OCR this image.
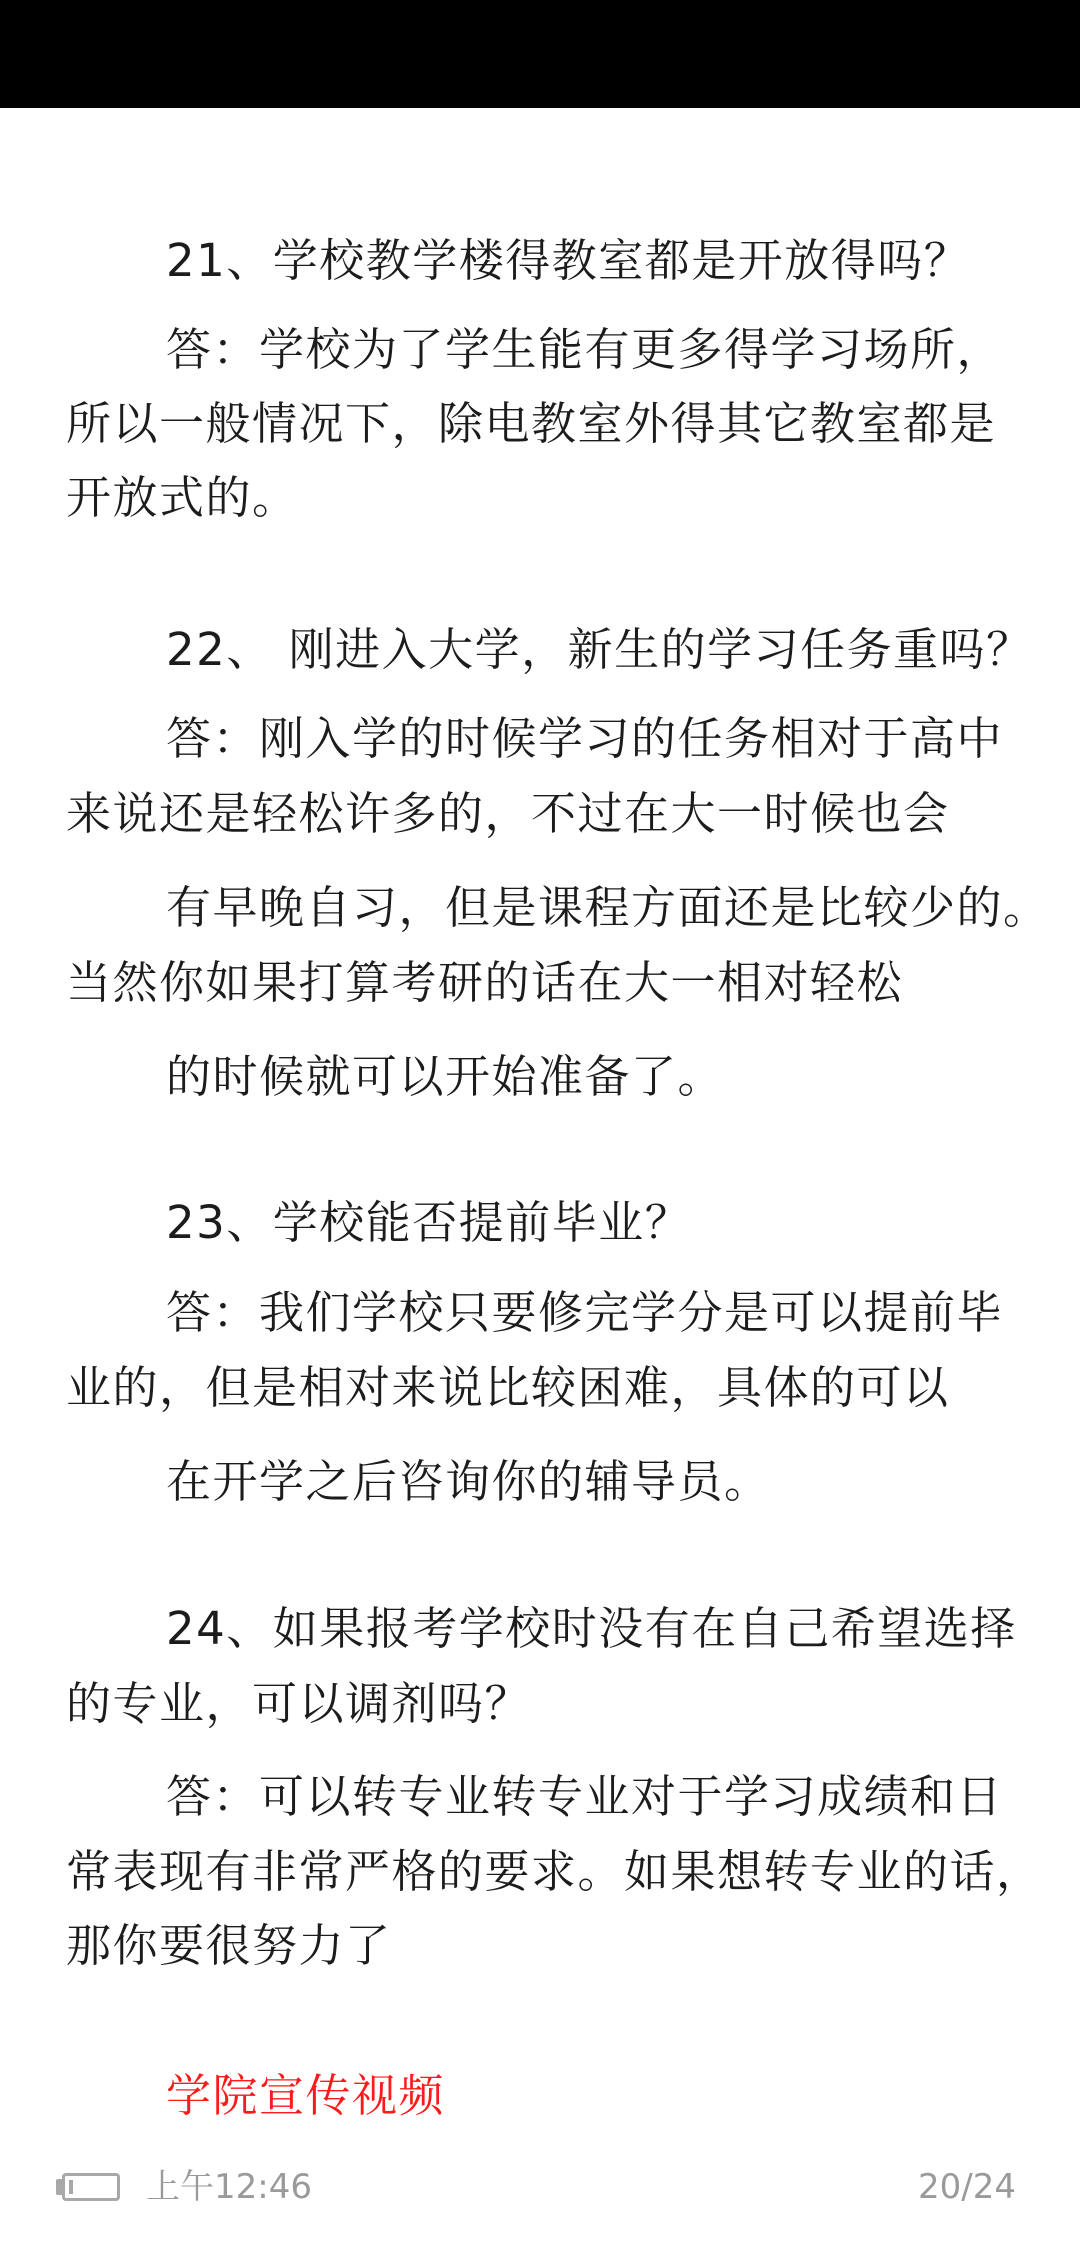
21、学校教学楼得教室都是开放得吗？
答：学校为了学生能有更多得学习场所，
所以一般情况下，除电教室外得其它教室都是
开放式的。
22、 刚进入大学，新生的学习任务重吗？
答：刚入学的时候学习的任务相对于高中
来说还是轻松许多的，不过在大一时候也会
有早晚自习，但是课程方面还是比较少的。
当然你如果打算考研的话在大一相对轻松
的时候就可以开始准备了。
23、学校能否提前毕业？
答：我们学校只要修完学分是可以提前毕
业的，但是相对来说比较困难，具体的可以
在开学之后咨询你的辅导员。
24、如果报考学校时没有在自己希望选择
的专业，可以调剂吗？
答：可以转专业转专业对于学习成绩和日
常表现有非常严格的要求。如果想转专业的话，
那你要很努力了
学院宣传视频
上午12:46	20/24
